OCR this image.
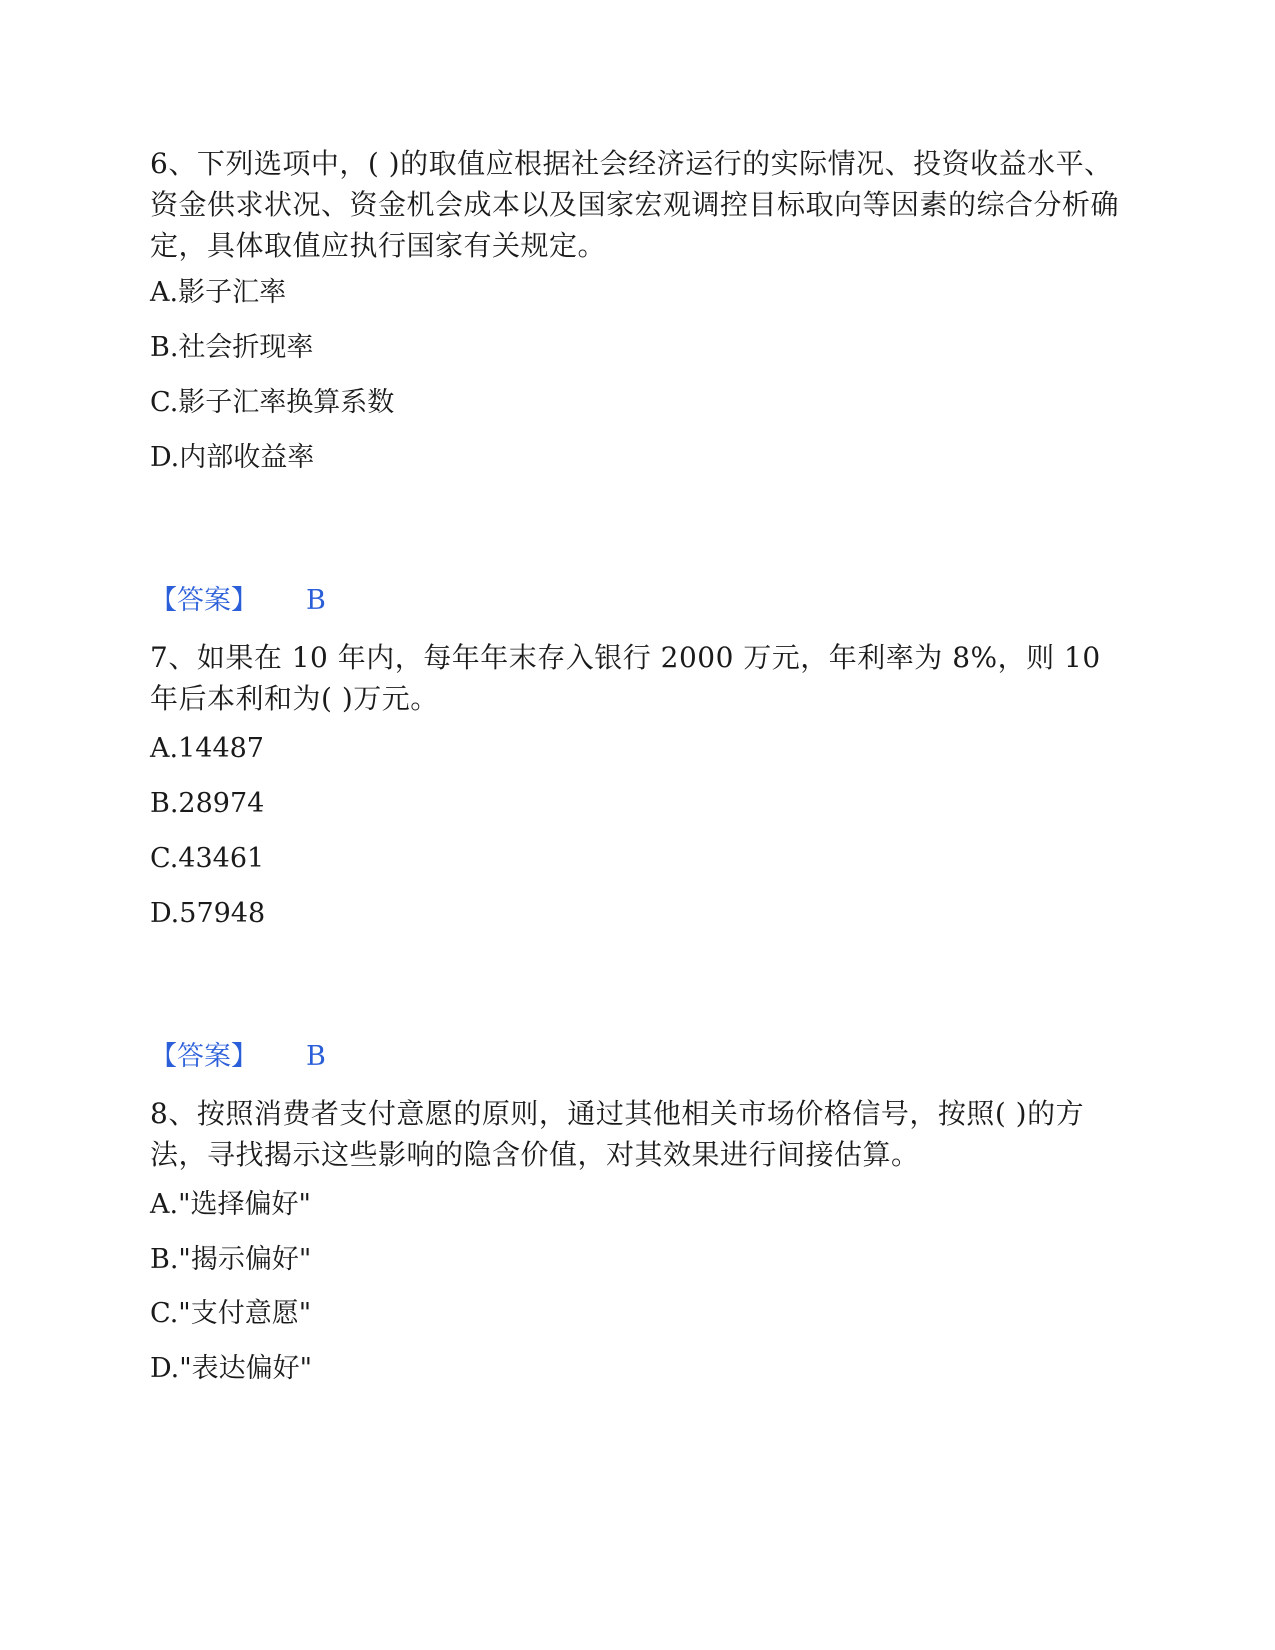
6、下列选项中，( )的取值应根据社会经济运行的实际情况、投资收益水平、资金供求状况、资金机会成本以及国家宏观调控目标取向等因素的综合分析确定，具体取值应执行国家有关规定。

A.影子汇率

B.社会折现率

C.影子汇率换算系数

D.内部收益率

【答案】 B

7、如果在 10 年内，每年年末存入银行 2000 万元，年利率为 8%，则 10 年后本利和为( )万元。

A.14487

B.28974

C.43461

D.57948

【答案】 B

8、按照消费者支付意愿的原则，通过其他相关市场价格信号，按照( )的方法，寻找揭示这些影响的隐含价值，对其效果进行间接估算。

A."选择偏好"

B."揭示偏好"

C."支付意愿"

D."表达偏好"
